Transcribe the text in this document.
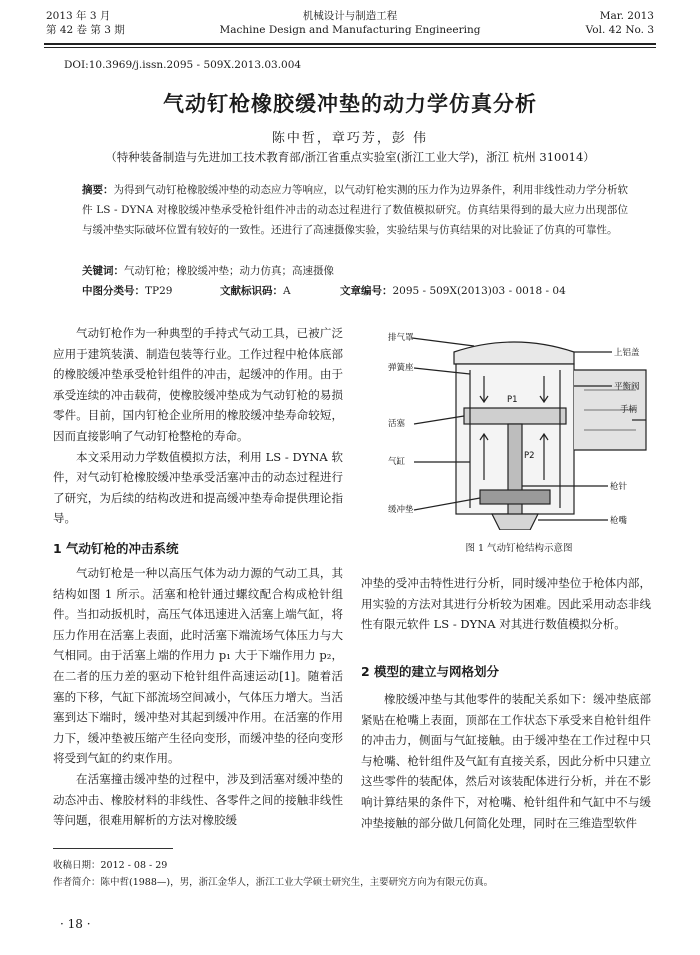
2013 年 3 月
第 42 卷 第 3 期
机械设计与制造工程
Machine Design and Manufacturing Engineering
Mar. 2013
Vol. 42 No. 3
DOI:10.3969/j.issn.2095 - 509X.2013.03.004
气动钉枪橡胶缓冲垫的动力学仿真分析
陈中哲，章巧芳，彭 伟
（特种装备制造与先进加工技术教育部/浙江省重点实验室(浙江工业大学)，浙江 杭州 310014）
摘要：为得到气动钉枪橡胶缓冲垫的动态应力等响应，以气动钉枪实测的压力作为边界条件，利用非线性动力学分析软件 LS - DYNA 对橡胶缓冲垫承受枪针组件冲击的动态过程进行了数值模拟研究。仿真结果得到的最大应力出现部位与缓冲垫实际破坏位置有较好的一致性。还进行了高速摄像实验，实验结果与仿真结果的对比验证了仿真的可靠性。
关键词：气动钉枪；橡胶缓冲垫；动力仿真；高速摄像
中图分类号：TP29	文献标识码：A	文章编号：2095 - 509X(2013)03 - 0018 - 04

气动钉枪作为一种典型的手持式气动工具，已被广泛应用于建筑装潢、制造包装等行业。工作过程中枪体底部的橡胶缓冲垫承受枪针组件的冲击，起缓冲的作用。由于承受连续的冲击载荷，使橡胶缓冲垫成为气动钉枪的易损零件。目前，国内钉枪企业所用的橡胶缓冲垫寿命较短，因而直接影响了气动钉枪整枪的寿命。

本文采用动力学数值模拟方法，利用 LS - DYNA 软件，对气动钉枪橡胶缓冲垫承受活塞冲击的动态过程进行了研究，为后续的结构改进和提高缓冲垫寿命提供理论指导。

1 气动钉枪的冲击系统

气动钉枪是一种以高压气体为动力源的气动工具，其结构如图 1 所示。活塞和枪针通过螺纹配合构成枪针组件。当扣动扳机时，高压气体迅速进入活塞上端气缸，将压力作用在活塞上表面，此时活塞下端流场气体压力与大气相同。由于活塞上端的作用力 p₁ 大于下端作用力 p₂，在二者的压力差的驱动下枪针组件高速运动[1]。随着活塞的下移，气缸下部流场空间减小，气体压力增大。当活塞到达下端时，缓冲垫对其起到缓冲作用。在活塞的作用力下，缓冲垫被压缩产生径向变形，而缓冲垫的径向变形将受到气缸的约束作用。

在活塞撞击缓冲垫的过程中，涉及到活塞对缓冲垫的动态冲击、橡胶材料的非线性、各零件之间的接触非线性等问题，很难用解析的方法对橡胶缓

排气罩
弹簧座
活塞
气缸
缓冲垫
上铝盖
平衡阀
手柄
枪针
枪嘴
P1
P2
图 1 气动钉枪结构示意图

冲垫的受冲击特性进行分析，同时缓冲垫位于枪体内部，用实验的方法对其进行分析较为困难。因此采用动态非线性有限元软件 LS - DYNA 对其进行数值模拟分析。

2 模型的建立与网格划分

橡胶缓冲垫与其他零件的装配关系如下：缓冲垫底部紧贴在枪嘴上表面，顶部在工作状态下承受来自枪针组件的冲击力，侧面与气缸接触。由于缓冲垫在工作过程中只与枪嘴、枪针组件及气缸有直接关系，因此分析中只建立这些零件的装配体，然后对该装配体进行分析，并在不影响计算结果的条件下，对枪嘴、枪针组件和气缸中不与缓冲垫接触的部分做几何简化处理，同时在三维造型软件

收稿日期：2012 - 08 - 29
作者简介：陈中哲(1988—)，男，浙江金华人，浙江工业大学硕士研究生，主要研究方向为有限元仿真。
· 18 ·
